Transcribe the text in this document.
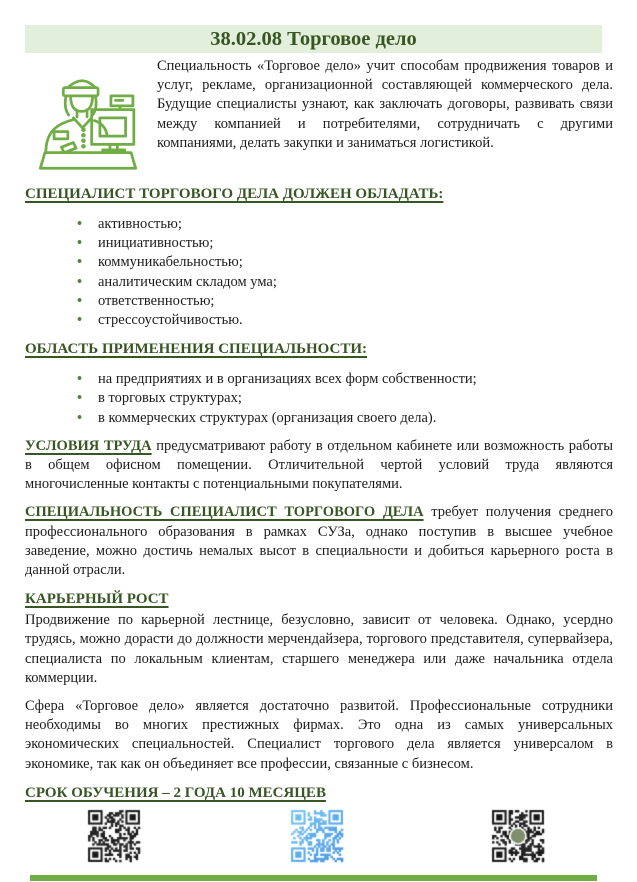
38.02.08 Торговое дело

Специальность «Торговое дело» учит способам продвижения товаров и услуг, рекламе, организационной составляющей коммерческого дела. Будущие специалисты узнают, как заключать договоры, развивать связи между компанией и потребителями, сотрудничать с другими компаниями, делать закупки и заниматься логистикой.

СПЕЦИАЛИСТ ТОРГОВОГО ДЕЛА ДОЛЖЕН ОБЛАДАТЬ:
• активностью;
• инициативностью;
• коммуникабельностью;
• аналитическим складом ума;
• ответственностью;
• стрессоустойчивостью.
ОБЛАСТЬ ПРИМЕНЕНИЯ СПЕЦИАЛЬНОСТИ:
• на предприятиях и в организациях всех форм собственности;
• в торговых структурах;
• в коммерческих структурах (организация своего дела).

УСЛОВИЯ ТРУДА предусматривают работу в отдельном кабинете или возможность работы в общем офисном помещении. Отличительной чертой условий труда являются многочисленные контакты с потенциальными покупателями.

СПЕЦИАЛЬНОСТЬ СПЕЦИАЛИСТ ТОРГОВОГО ДЕЛА требует получения среднего профессионального образования в рамках СУЗа, однако поступив в высшее учебное заведение, можно достичь немалых высот в специальности и добиться карьерного роста в данной отрасли.

КАРЬЕРНЫЙ РОСТ

Продвижение по карьерной лестнице, безусловно, зависит от человека. Однако, усердно трудясь, можно дорасти до должности мерчендайзера, торгового представителя, супервайзера, специалиста по локальным клиентам, старшего менеджера или даже начальника отдела коммерции.

Сфера «Торговое дело» является достаточно развитой. Профессиональные сотрудники необходимы во многих престижных фирмах. Это одна из самых универсальных экономических специальностей. Специалист торгового дела является универсалом в экономике, так как он объединяет все профессии, связанные с бизнесом.

СРОК ОБУЧЕНИЯ – 2 ГОДА 10 МЕСЯЦЕВ
